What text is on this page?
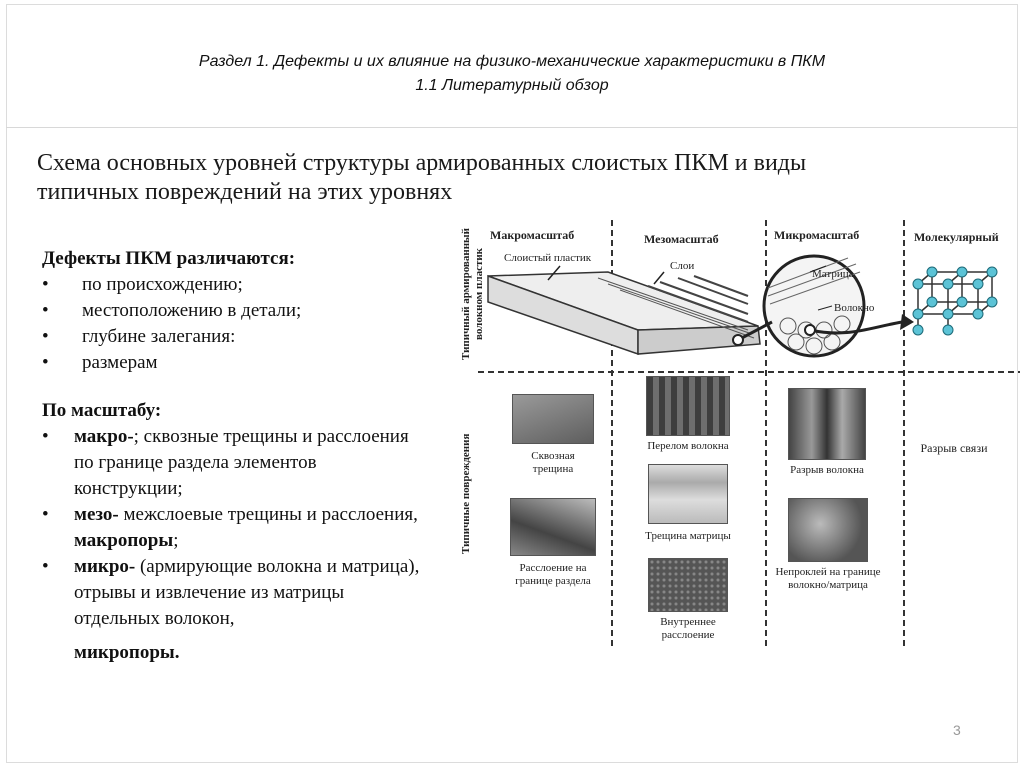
Раздел 1. Дефекты и их влияние на физико-механические характеристики в ПКМ
1.1 Литературный обзор
Схема основных уровней структуры армированных слоистых ПКМ и виды типичных повреждений на этих уровнях
Дефекты ПКМ различаются:
• по происхождению;
• местоположению в детали;
• глубине залегания:
• размерам
По масштабу:
• макро-; сквозные трещины и расслоения по границе раздела элементов конструкции;
• мезо- межслоевые трещины и расслоения, макропоры;
• микро- (армирующие волокна и матрица), отрывы и извлечение из матрицы отдельных волокон,

микропоры.
Макромасштаб	Мезомасштаб	Микромасштаб	Молекулярный
Типичный армированный волокном пластик
Типичные повреждения
Слоистый пластик
Слои
Матрица
Волокно
Сквозная трещина
Расслоение на границе раздела
Перелом волокна
Трещина матрицы
Внутреннее расслоение
Разрыв волокна
Непроклей на границе волокно/матрица
Разрыв связи
3
